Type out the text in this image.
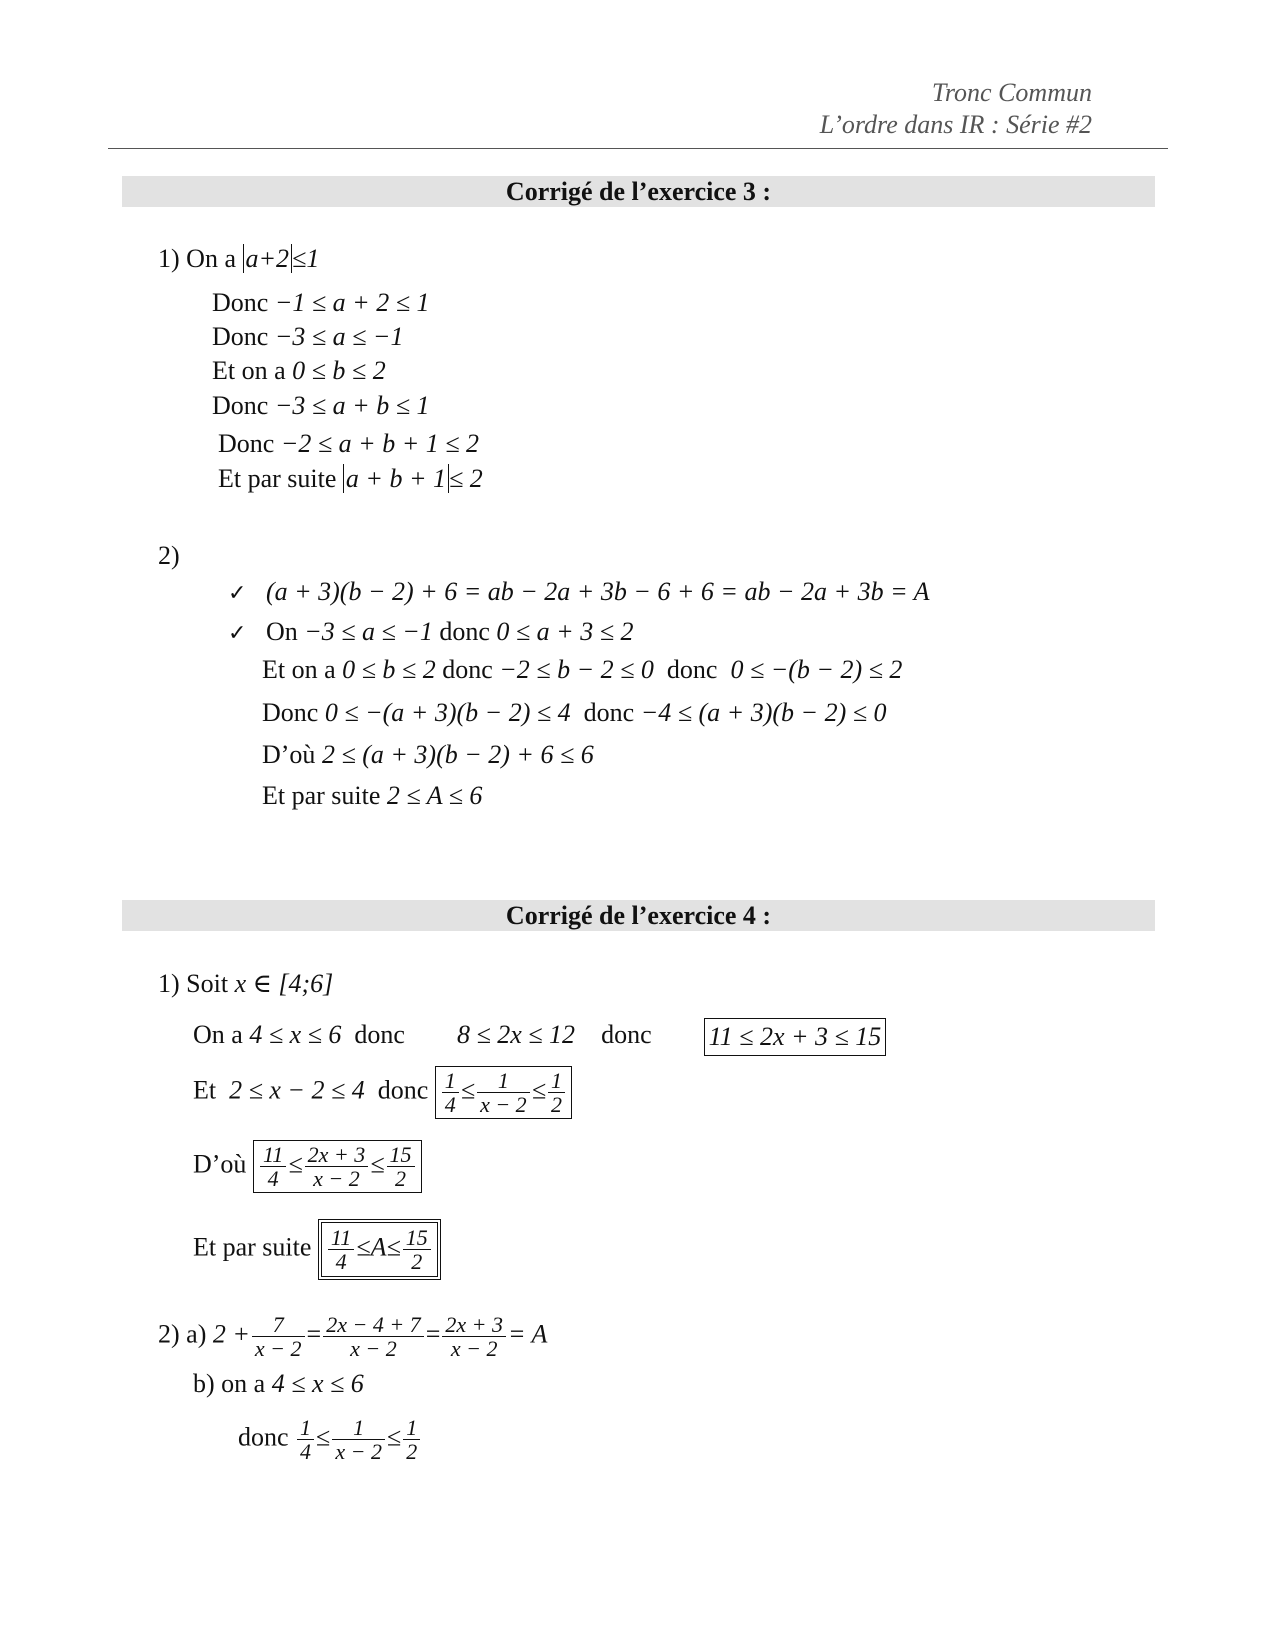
Tronc Commun
L’ordre dans IR : Série #2
Corrigé de l’exercice 3 :
1) On a a+2 ≤1
Donc −1 ≤ a + 2 ≤ 1
Donc −3 ≤ a ≤ −1
Et on a 0 ≤ b ≤ 2
Donc −3 ≤ a + b ≤ 1
Donc −2 ≤ a + b + 1 ≤ 2
Et par suite a + b + 1 ≤ 2
2)
✓ (a + 3)(b − 2) + 6 = ab − 2a + 3b − 6 + 6 = ab − 2a + 3b = A
✓ On −3 ≤ a ≤ −1 donc 0 ≤ a + 3 ≤ 2
Et on a 0 ≤ b ≤ 2 donc −2 ≤ b − 2 ≤ 0 donc 0 ≤ −(b − 2) ≤ 2
Donc 0 ≤ −(a + 3)(b − 2) ≤ 4 donc −4 ≤ (a + 3)(b − 2) ≤ 0
D’où 2 ≤ (a + 3)(b − 2) + 6 ≤ 6
Et par suite 2 ≤ A ≤ 6
Corrigé de l’exercice 4 :
1) Soit x ∈ [4;6]
On a 4 ≤ x ≤ 6 donc 8 ≤ 2x ≤ 12 donc 11 ≤ 2x + 3 ≤ 15
Et 2 ≤ x − 2 ≤ 4 donc $\frac{1}{4} \le \frac{1}{x - 2} \le \frac{1}{2}$
D’où $\frac{11}{4} \le \frac{2x + 3}{x - 2} \le \frac{15}{2}$
Et par suite $\frac{11}{4} \le A\le \frac{15}{2}$
2) a) $2 + \frac{7}{x - 2} = \frac{2x - 4 + 7}{x - 2} = \frac{2x + 3}{x - 2} = A$
b) on a 4 ≤ x ≤ 6
donc $\frac{1}{4} \le \frac{1}{x - 2} \le \frac{1}{2}$
